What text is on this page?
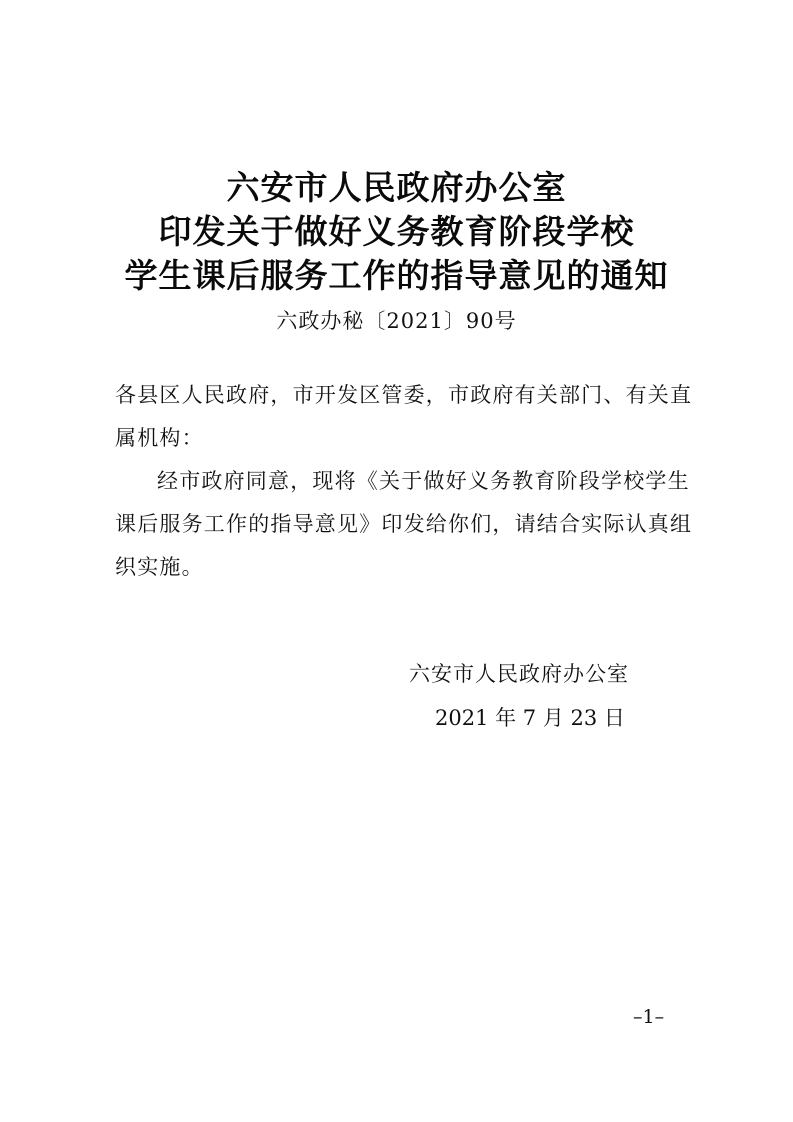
六安市人民政府办公室
印发关于做好义务教育阶段学校
学生课后服务工作的指导意见的通知
六政办秘〔2021〕90号
各县区人民政府，市开发区管委，市政府有关部门、有关直
属机构：
经市政府同意，现将《关于做好义务教育阶段学校学生
课后服务工作的指导意见》印发给你们，请结合实际认真组
织实施。
六安市人民政府办公室
2021 年 7 月 23 日
–1–
